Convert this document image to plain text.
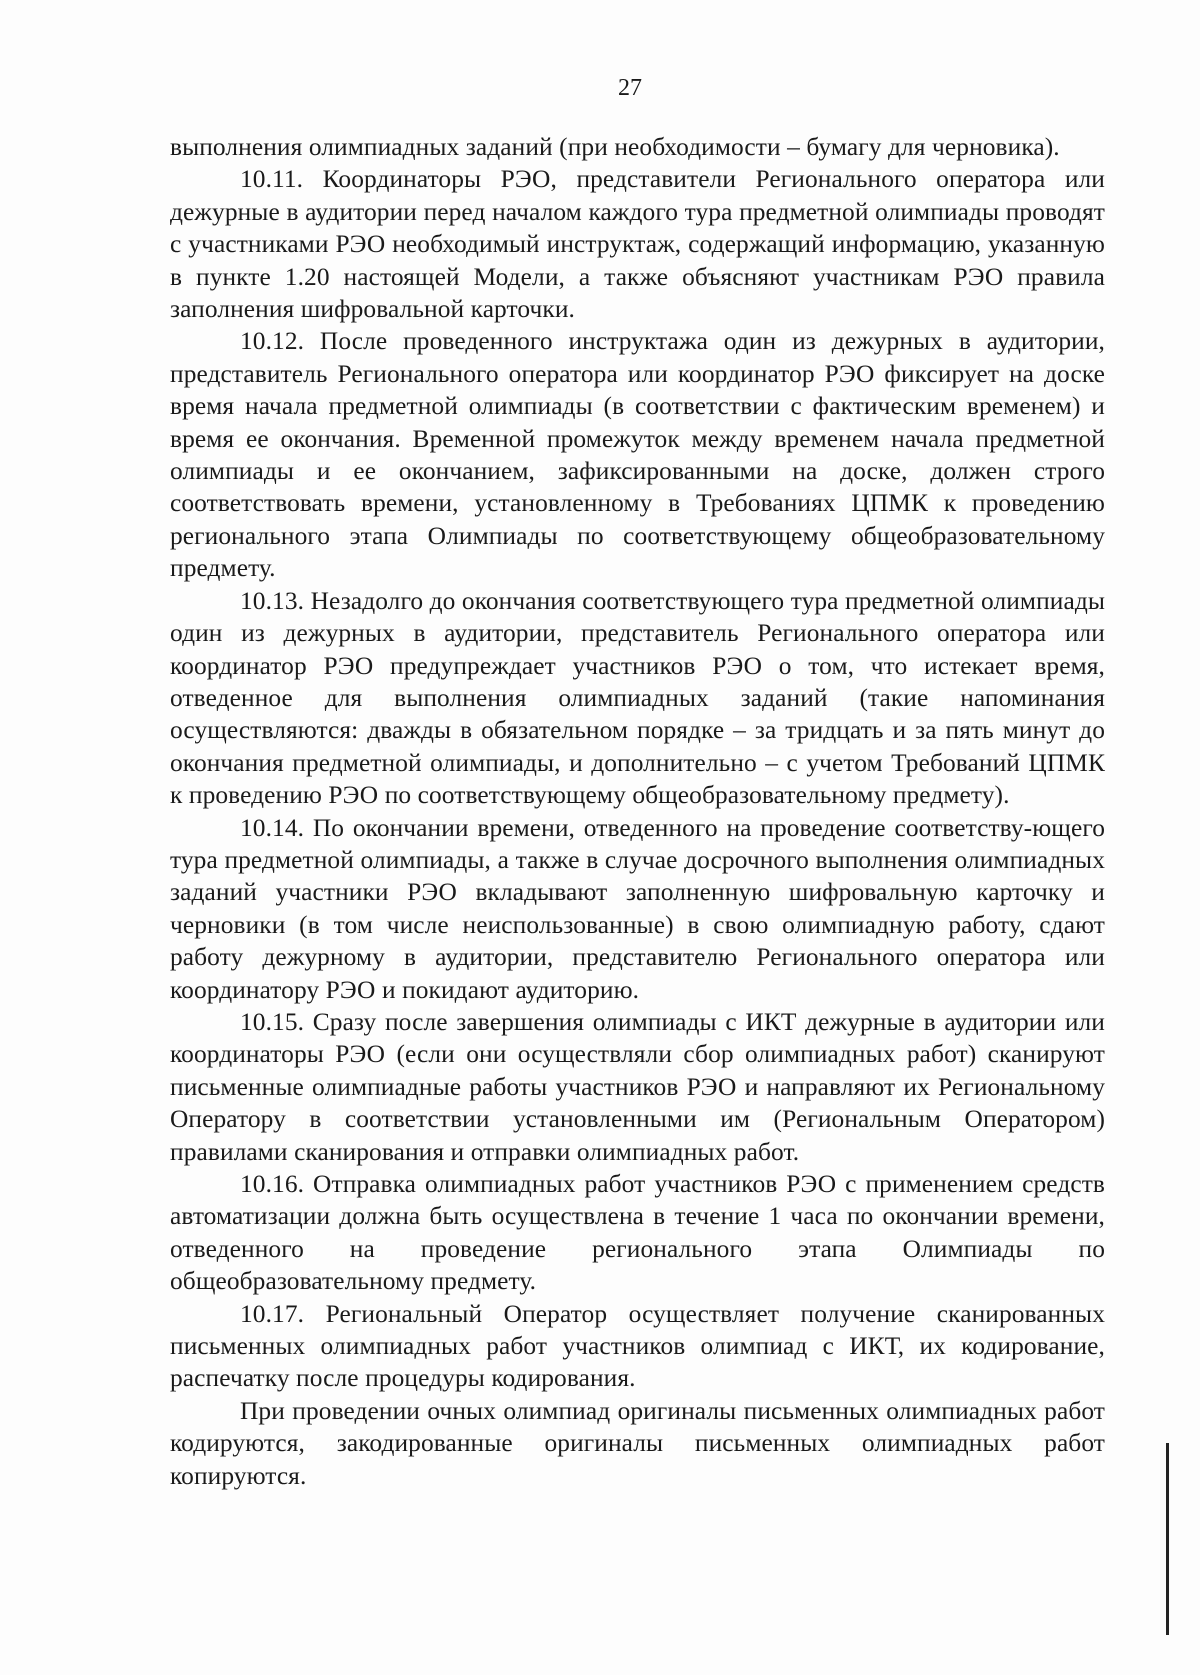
27

выполнения олимпиадных заданий (при необходимости – бумагу для черновика).

10.11. Координаторы РЭО, представители Регионального оператора или дежурные в аудитории перед началом каждого тура предметной олимпиады проводят с участниками РЭО необходимый инструктаж, содержащий информацию, указанную в пункте 1.20 настоящей Модели, а также объясняют участникам РЭО правила заполнения шифровальной карточки.

10.12. После проведенного инструктажа один из дежурных в аудитории, представитель Регионального оператора или координатор РЭО фиксирует на доске время начала предметной олимпиады (в соответствии с фактическим временем) и время ее окончания. Временной промежуток между временем начала предметной олимпиады и ее окончанием, зафиксированными на доске, должен строго соответствовать времени, установленному в Требованиях ЦПМК к проведению регионального этапа Олимпиады по соответствующему общеобразовательному предмету.

10.13. Незадолго до окончания соответствующего тура предметной олимпиады один из дежурных в аудитории, представитель Регионального оператора или координатор РЭО предупреждает участников РЭО о том, что истекает время, отведенное для выполнения олимпиадных заданий (такие напоминания осуществляются: дважды в обязательном порядке – за тридцать и за пять минут до окончания предметной олимпиады, и дополнительно – с учетом Требований ЦПМК к проведению РЭО по соответствующему общеобразовательному предмету).

10.14. По окончании времени, отведенного на проведение соответству-ющего тура предметной олимпиады, а также в случае досрочного выполнения олимпиадных заданий участники РЭО вкладывают заполненную шифровальную карточку и черновики (в том числе неиспользованные) в свою олимпиадную работу, сдают работу дежурному в аудитории, представителю Регионального оператора или координатору РЭО и покидают аудиторию.

10.15. Сразу после завершения олимпиады с ИКТ дежурные в аудитории или координаторы РЭО (если они осуществляли сбор олимпиадных работ) сканируют письменные олимпиадные работы участников РЭО и направляют их Региональному Оператору в соответствии установленными им (Региональным Оператором) правилами сканирования и отправки олимпиадных работ.

10.16. Отправка олимпиадных работ участников РЭО с применением средств автоматизации должна быть осуществлена в течение 1 часа по окончании времени, отведенного на проведение регионального этапа Олимпиады по общеобразовательному предмету.

10.17. Региональный Оператор осуществляет получение сканированных письменных олимпиадных работ участников олимпиад с ИКТ, их кодирование, распечатку после процедуры кодирования.

При проведении очных олимпиад оригиналы письменных олимпиадных работ кодируются, закодированные оригиналы письменных олимпиадных работ копируются.
